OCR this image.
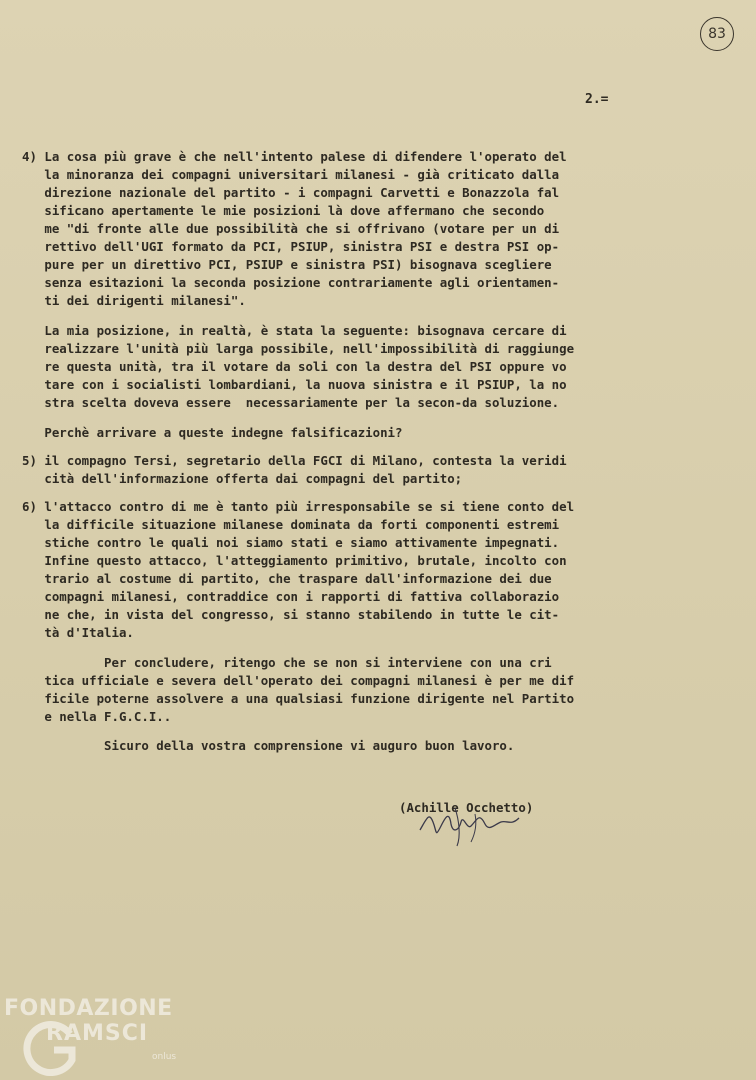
83
2.=
4) La cosa più grave è che nell'intento palese di difendere l'operato del
la minoranza dei compagni universitari milanesi - già criticato dalla
direzione nazionale del partito - i compagni Carvetti e Bonazzola fal
sificano apertamente le mie posizioni là dove affermano che secondo
me "di fronte alle due possibilità che si offrivano (votare per un di
rettivo dell'UGI formato da PCI, PSIUP, sinistra PSI e destra PSI op-
pure per un direttivo PCI, PSIUP e sinistra PSI) bisognava scegliere
senza esitazioni la seconda posizione contrariamente agli orientamen-
ti dei dirigenti milanesi".
La mia posizione, in realtà, è stata la seguente: bisognava cercare di
realizzare l'unità più larga possibile, nell'impossibilità di raggiunge
re questa unità, tra il votare da soli con la destra del PSI oppure vo
tare con i socialisti lombardiani, la nuova sinistra e il PSIUP, la no
stra scelta doveva essere  necessariamente per la secon-da soluzione.
Perchè arrivare a queste indegne falsificazioni?
5) il compagno Tersi, segretario della FGCI di Milano, contesta la veridi
cità dell'informazione offerta dai compagni del partito;
6) l'attacco contro di me è tanto più irresponsabile se si tiene conto del
la difficile situazione milanese dominata da forti componenti estremi
stiche contro le quali noi siamo stati e siamo attivamente impegnati.
Infine questo attacco, l'atteggiamento primitivo, brutale, incolto con
trario al costume di partito, che traspare dall'informazione dei due
compagni milanesi, contraddice con i rapporti di fattiva collaborazio
ne che, in vista del congresso, si stanno stabilendo in tutte le cit-
tà d'Italia.
Per concludere, ritengo che se non si interviene con una cri
tica ufficiale e severa dell'operato dei compagni milanesi è per me dif
ficile poterne assolvere a una qualsiasi funzione dirigente nel Partito
e nella F.G.C.I..
Sicuro della vostra comprensione vi auguro buon lavoro.
(Achille Occhetto)
FONDAZIONE
RAMSCI
onlus
